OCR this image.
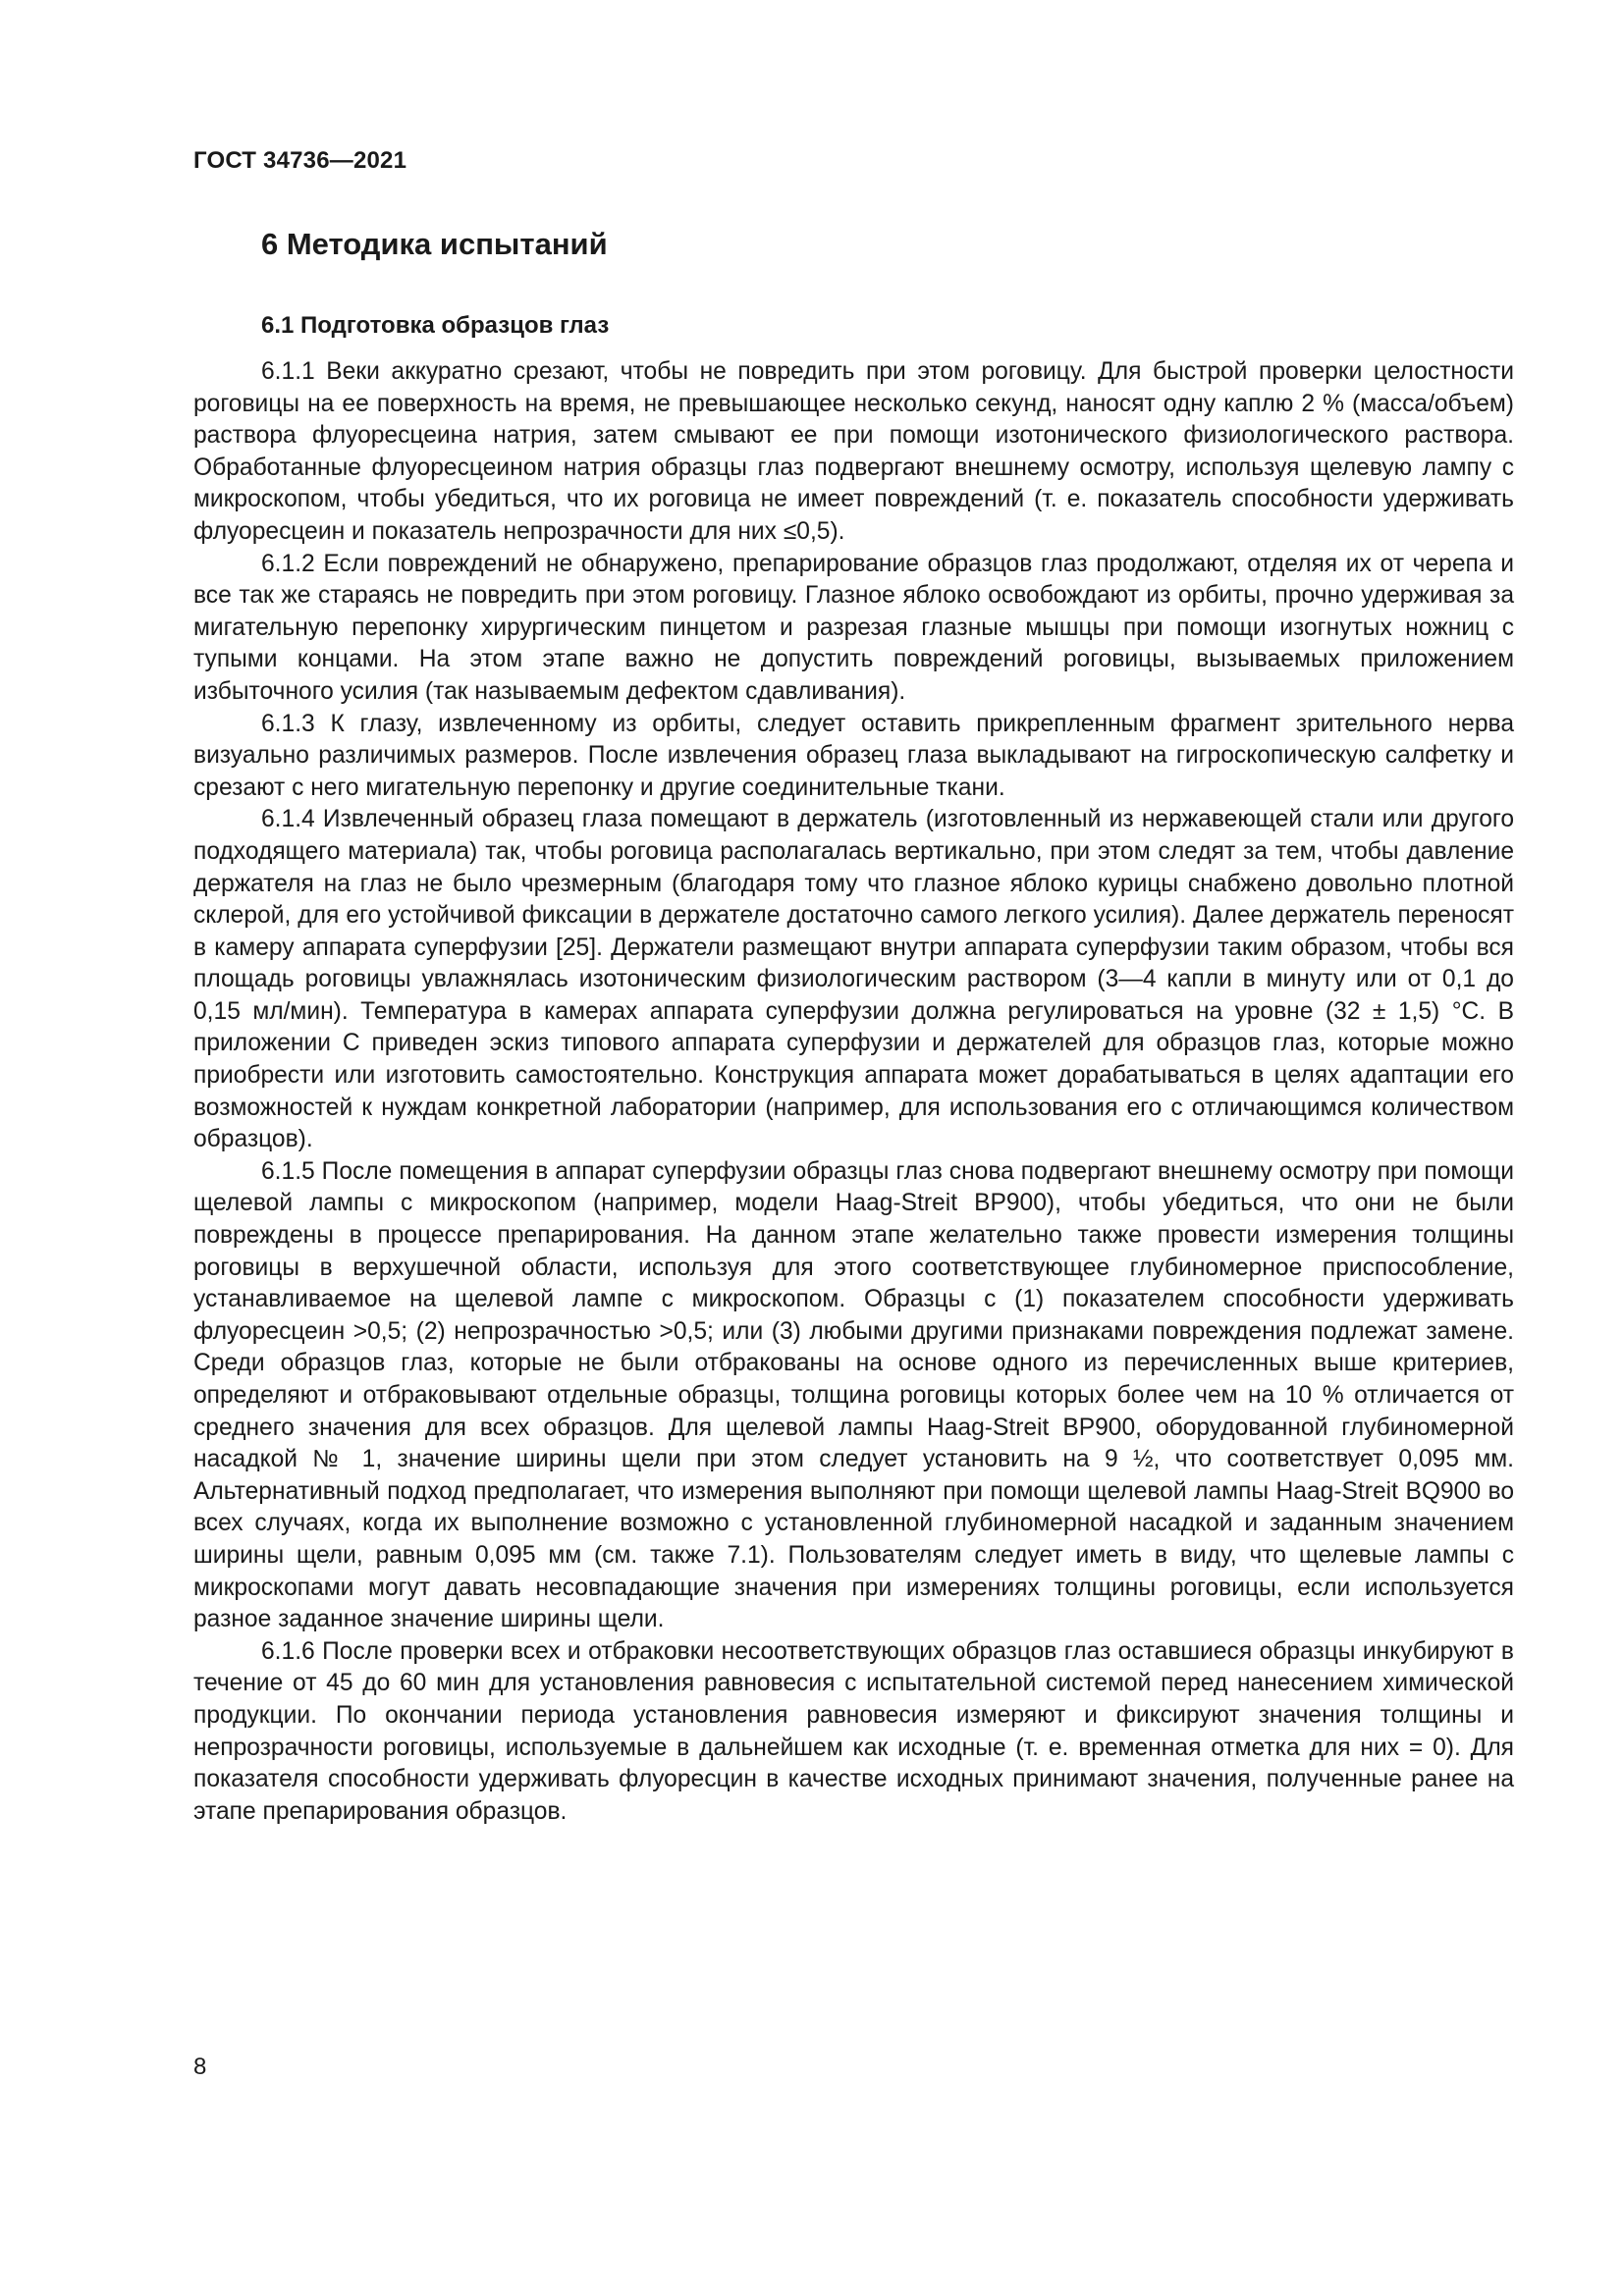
ГОСТ 34736—2021
6 Методика испытаний
6.1 Подготовка образцов глаз

6.1.1 Веки аккуратно срезают, чтобы не повредить при этом роговицу. Для быстрой проверки целостности роговицы на ее поверхность на время, не превышающее несколько секунд, наносят одну каплю 2 % (масса/объем) раствора флуоресцеина натрия, затем смывают ее при помощи изотонического физиологического раствора. Обработанные флуоресцеином натрия образцы глаз подвергают внешнему осмотру, используя щелевую лампу с микроскопом, чтобы убедиться, что их роговица не имеет повреждений (т. е. показатель способности удерживать флуоресцеин и показатель непрозрачности для них ≤0,5).

6.1.2 Если повреждений не обнаружено, препарирование образцов глаз продолжают, отделяя их от черепа и все так же стараясь не повредить при этом роговицу. Глазное яблоко освобождают из орбиты, прочно удерживая за мигательную перепонку хирургическим пинцетом и разрезая глазные мышцы при помощи изогнутых ножниц с тупыми концами. На этом этапе важно не допустить повреждений роговицы, вызываемых приложением избыточного усилия (так называемым дефектом сдавливания).

6.1.3 К глазу, извлеченному из орбиты, следует оставить прикрепленным фрагмент зрительного нерва визуально различимых размеров. После извлечения образец глаза выкладывают на гигроскопическую салфетку и срезают с него мигательную перепонку и другие соединительные ткани.

6.1.4 Извлеченный образец глаза помещают в держатель (изготовленный из нержавеющей стали или другого подходящего материала) так, чтобы роговица располагалась вертикально, при этом следят за тем, чтобы давление держателя на глаз не было чрезмерным (благодаря тому что глазное яблоко курицы снабжено довольно плотной склерой, для его устойчивой фиксации в держателе достаточно самого легкого усилия). Далее держатель переносят в камеру аппарата суперфузии [25]. Держатели размещают внутри аппарата суперфузии таким образом, чтобы вся площадь роговицы увлажнялась изотоническим физиологическим раствором (3—4 капли в минуту или от 0,1 до 0,15 мл/мин). Температура в камерах аппарата суперфузии должна регулироваться на уровне (32 ± 1,5) °С. В приложении С приведен эскиз типового аппарата суперфузии и держателей для образцов глаз, которые можно приобрести или изготовить самостоятельно. Конструкция аппарата может дорабатываться в целях адаптации его возможностей к нуждам конкретной лаборатории (например, для использования его с отличающимся количеством образцов).

6.1.5 После помещения в аппарат суперфузии образцы глаз снова подвергают внешнему осмотру при помощи щелевой лампы с микроскопом (например, модели Haag-Streit BP900), чтобы убедиться, что они не были повреждены в процессе препарирования. На данном этапе желательно также провести измерения толщины роговицы в верхушечной области, используя для этого соответствующее глубиномерное приспособление, устанавливаемое на щелевой лампе с микроскопом. Образцы с (1) показателем способности удерживать флуоресцеин >0,5; (2) непрозрачностью >0,5; или (3) любыми другими признаками повреждения подлежат замене. Среди образцов глаз, которые не были отбракованы на основе одного из перечисленных выше критериев, определяют и отбраковывают отдельные образцы, толщина роговицы которых более чем на 10 % отличается от среднего значения для всех образцов. Для щелевой лампы Haag-Streit BP900, оборудованной глубиномерной насадкой № 1, значение ширины щели при этом следует установить на 9 ½, что соответствует 0,095 мм. Альтернативный подход предполагает, что измерения выполняют при помощи щелевой лампы Haag-Streit BQ900 во всех случаях, когда их выполнение возможно с установленной глубиномерной насадкой и заданным значением ширины щели, равным 0,095 мм (см. также 7.1). Пользователям следует иметь в виду, что щелевые лампы с микроскопами могут давать несовпадающие значения при измерениях толщины роговицы, если используется разное заданное значение ширины щели.

6.1.6 После проверки всех и отбраковки несоответствующих образцов глаз оставшиеся образцы инкубируют в течение от 45 до 60 мин для установления равновесия с испытательной системой перед нанесением химической продукции. По окончании периода установления равновесия измеряют и фиксируют значения толщины и непрозрачности роговицы, используемые в дальнейшем как исходные (т. е. временная отметка для них = 0). Для показателя способности удерживать флуоресцин в качестве исходных принимают значения, полученные ранее на этапе препарирования образцов.

8
